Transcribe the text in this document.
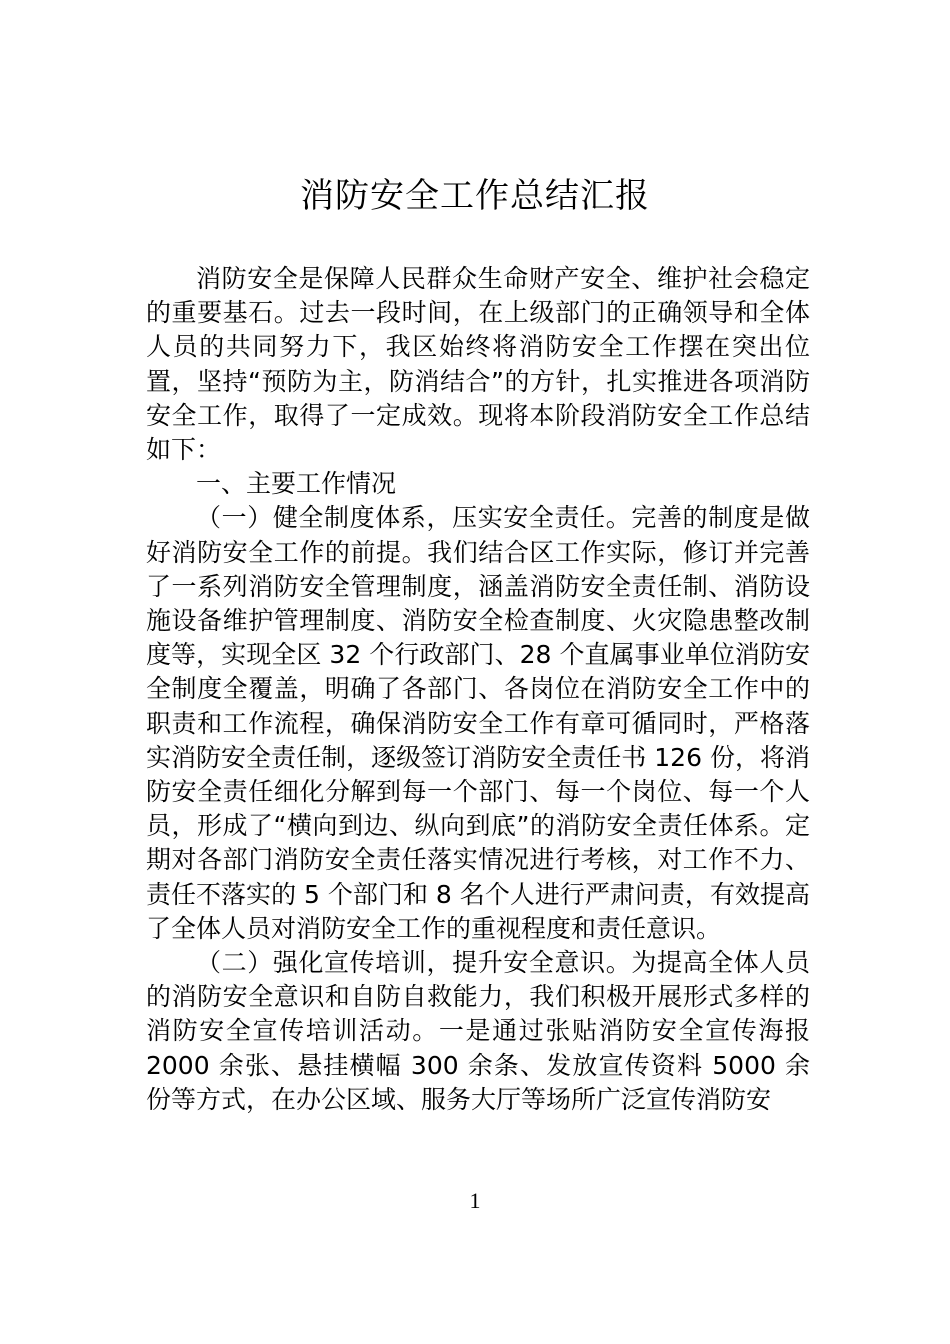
消防安全工作总结汇报

消防安全是保障人民群众生命财产安全、维护社会稳定的重要基石。过去一段时间，在上级部门的正确领导和全体人员的共同努力下，我区始终将消防安全工作摆在突出位置，坚持“预防为主，防消结合”的方针，扎实推进各项消防安全工作，取得了一定成效。现将本阶段消防安全工作总结如下：

一、主要工作情况

（一）健全制度体系，压实安全责任。完善的制度是做好消防安全工作的前提。我们结合区工作实际，修订并完善了一系列消防安全管理制度，涵盖消防安全责任制、消防设施设备维护管理制度、消防安全检查制度、火灾隐患整改制度等，实现全区 32 个行政部门、28 个直属事业单位消防安全制度全覆盖，明确了各部门、各岗位在消防安全工作中的职责和工作流程，确保消防安全工作有章可循同时，严格落实消防安全责任制，逐级签订消防安全责任书 126 份，将消防安全责任细化分解到每一个部门、每一个岗位、每一个人员，形成了“横向到边、纵向到底”的消防安全责任体系。定期对各部门消防安全责任落实情况进行考核，对工作不力、责任不落实的 5 个部门和 8 名个人进行严肃问责，有效提高了全体人员对消防安全工作的重视程度和责任意识。

（二）强化宣传培训，提升安全意识。为提高全体人员的消防安全意识和自防自救能力，我们积极开展形式多样的消防安全宣传培训活动。一是通过张贴消防安全宣传海报 2000 余张、悬挂横幅 300 余条、发放宣传资料 5000 余份等方式，在办公区域、服务大厅等场所广泛宣传消防安

1
